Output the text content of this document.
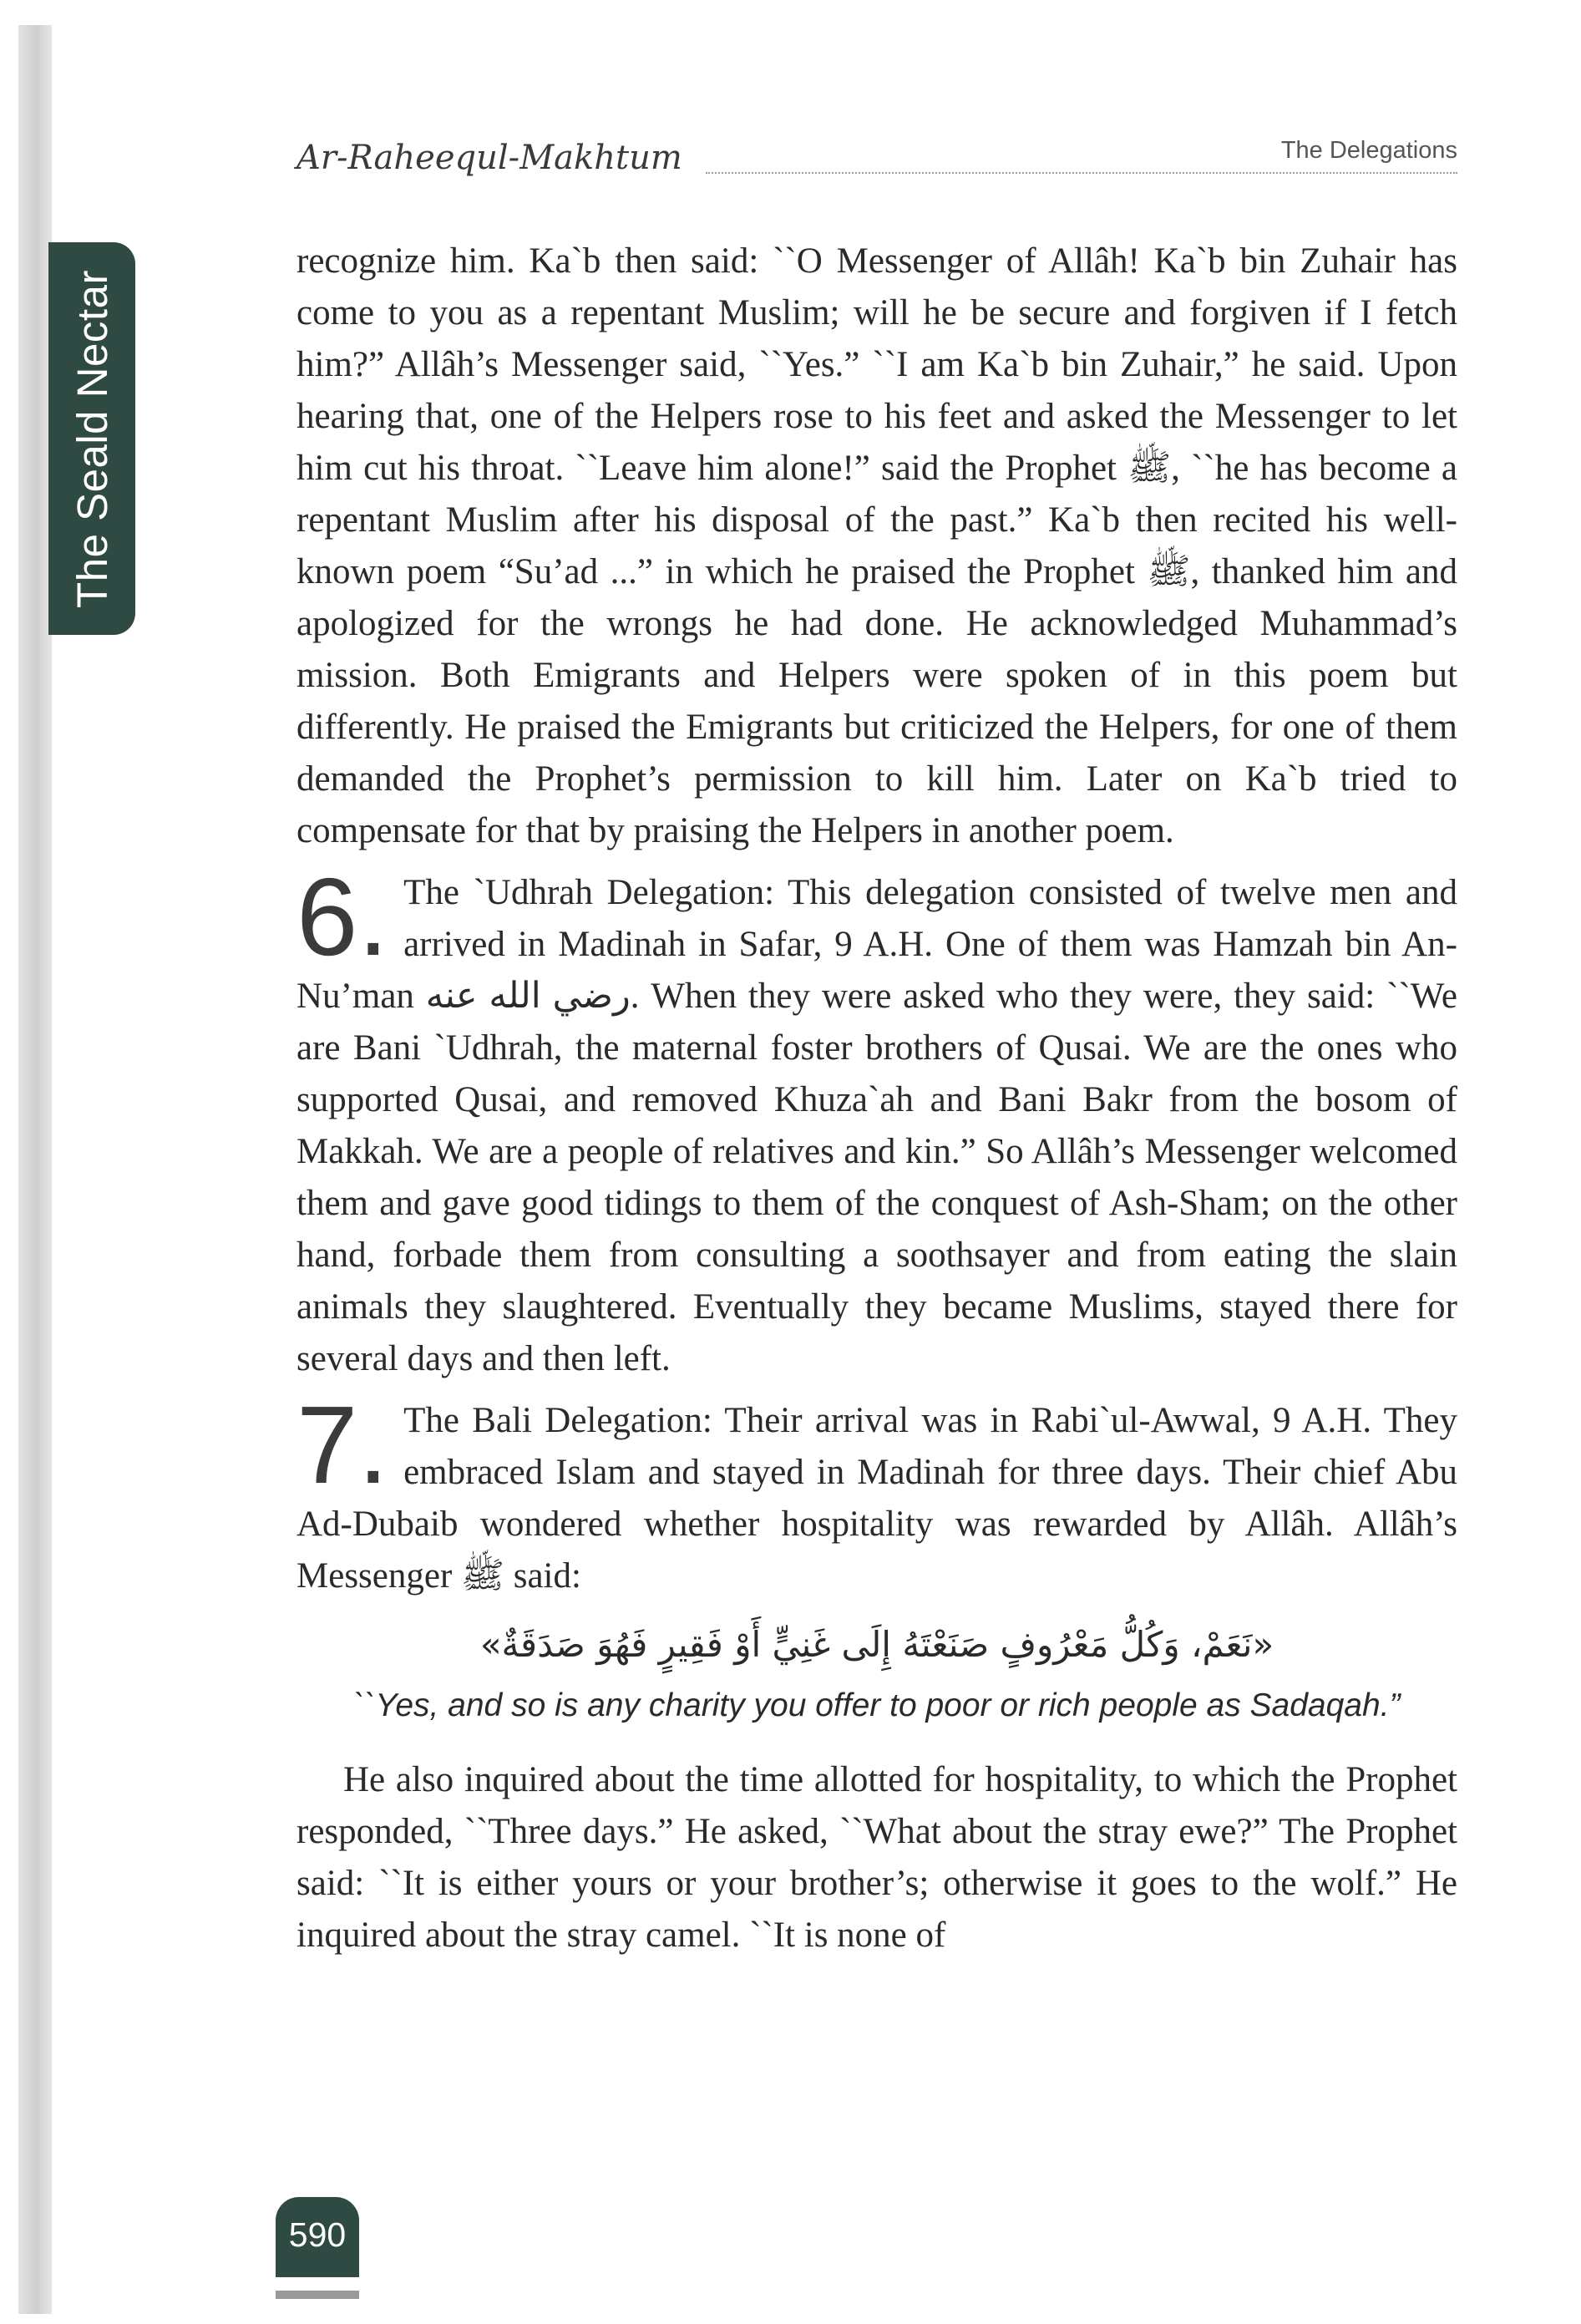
The Seald Nectar
Ar-Raheequl-Makhtum	The Delegations

recognize him. Ka`b then said: ``O Messenger of Allâh! Ka`b bin Zuhair has come to you as a repentant Muslim; will he be secure and forgiven if I fetch him?” Allâh’s Messenger said, ``Yes.” ``I am Ka`b bin Zuhair,” he said. Upon hearing that, one of the Helpers rose to his feet and asked the Messenger to let him cut his throat. ``Leave him alone!” said the Prophet ﷺ, ``he has become a repentant Muslim after his disposal of the past.” Ka`b then recited his well-known poem “Su’ad ...” in which he praised the Prophet ﷺ, thanked him and apologized for the wrongs he had done. He acknowledged Muhammad’s mission. Both Emigrants and Helpers were spoken of in this poem but differently. He praised the Emigrants but criticized the Helpers, for one of them demanded the Prophet’s permission to kill him. Later on Ka`b tried to compensate for that by praising the Helpers in another poem.

6. The `Udhrah Delegation: This delegation consisted of twelve men and arrived in Madinah in Safar, 9 A.H. One of them was Hamzah bin An-Nu’man رضي الله عنه. When they were asked who they were, they said: ``We are Bani `Udhrah, the maternal foster brothers of Qusai. We are the ones who supported Qusai, and removed Khuza`ah and Bani Bakr from the bosom of Makkah. We are a people of relatives and kin.” So Allâh’s Messenger welcomed them and gave good tidings to them of the conquest of Ash-Sham; on the other hand, forbade them from consulting a soothsayer and from eating the slain animals they slaughtered. Eventually they became Muslims, stayed there for several days and then left.

7. The Bali Delegation: Their arrival was in Rabi`ul-Awwal, 9 A.H. They embraced Islam and stayed in Madinah for three days. Their chief Abu Ad-Dubaib wondered whether hospitality was rewarded by Allâh. Allâh’s Messenger ﷺ said:

«نَعَمْ، وَكُلُّ مَعْرُوفٍ صَنَعْتَهُ إِلَى غَنِيٍّ أَوْ فَقِيرٍ فَهُوَ صَدَقَةٌ»
``Yes, and so is any charity you offer to poor or rich people as Sadaqah.”

He also inquired about the time allotted for hospitality, to which the Prophet responded, ``Three days.” He asked, ``What about the stray ewe?” The Prophet said: ``It is either yours or your brother’s; otherwise it goes to the wolf.” He inquired about the stray camel. ``It is none of

590
